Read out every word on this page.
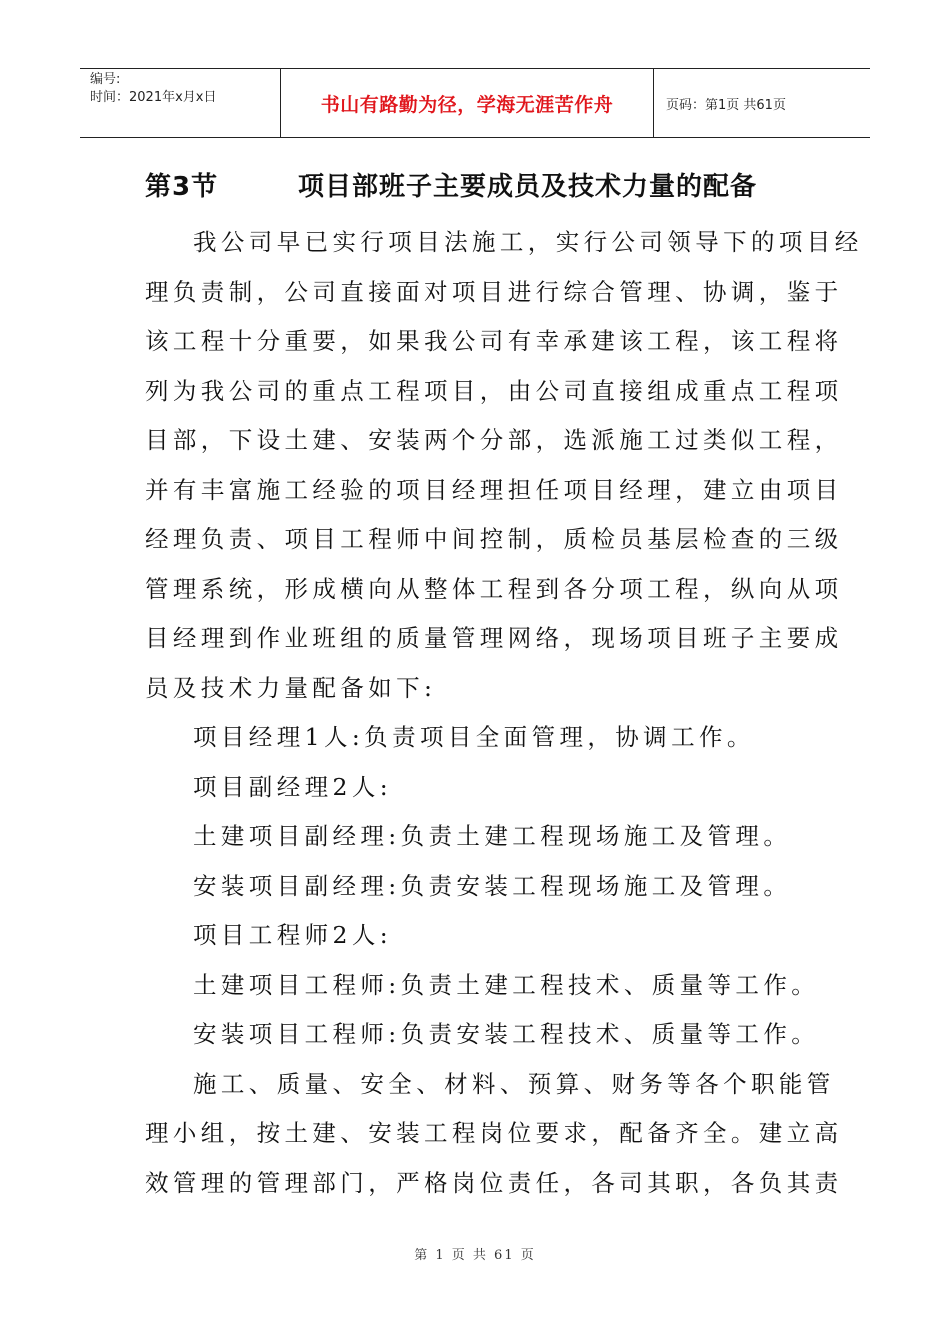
编号:
时间：2021年x月x日	书山有路勤为径，学海无涯苦作舟	页码：第1页 共61页
第3节	项目部班子主要成员及技术力量的配备
我公司早已实行项目法施工，实行公司领导下的项目经
理负责制，公司直接面对项目进行综合管理、协调，鉴于
该工程十分重要，如果我公司有幸承建该工程，该工程将
列为我公司的重点工程项目，由公司直接组成重点工程项
目部，下设土建、安装两个分部，选派施工过类似工程，
并有丰富施工经验的项目经理担任项目经理，建立由项目
经理负责、项目工程师中间控制，质检员基层检查的三级
管理系统，形成横向从整体工程到各分项工程，纵向从项
目经理到作业班组的质量管理网络，现场项目班子主要成
员及技术力量配备如下:
项目经理1人:负责项目全面管理，协调工作。
项目副经理2人:
土建项目副经理:负责土建工程现场施工及管理。
安装项目副经理:负责安装工程现场施工及管理。
项目工程师2人:
土建项目工程师:负责土建工程技术、质量等工作。
安装项目工程师:负责安装工程技术、质量等工作。
施工、质量、安全、材料、预算、财务等各个职能管
理小组，按土建、安装工程岗位要求，配备齐全。建立高
效管理的管理部门，严格岗位责任，各司其职，各负其责
第 1 页 共 61 页
